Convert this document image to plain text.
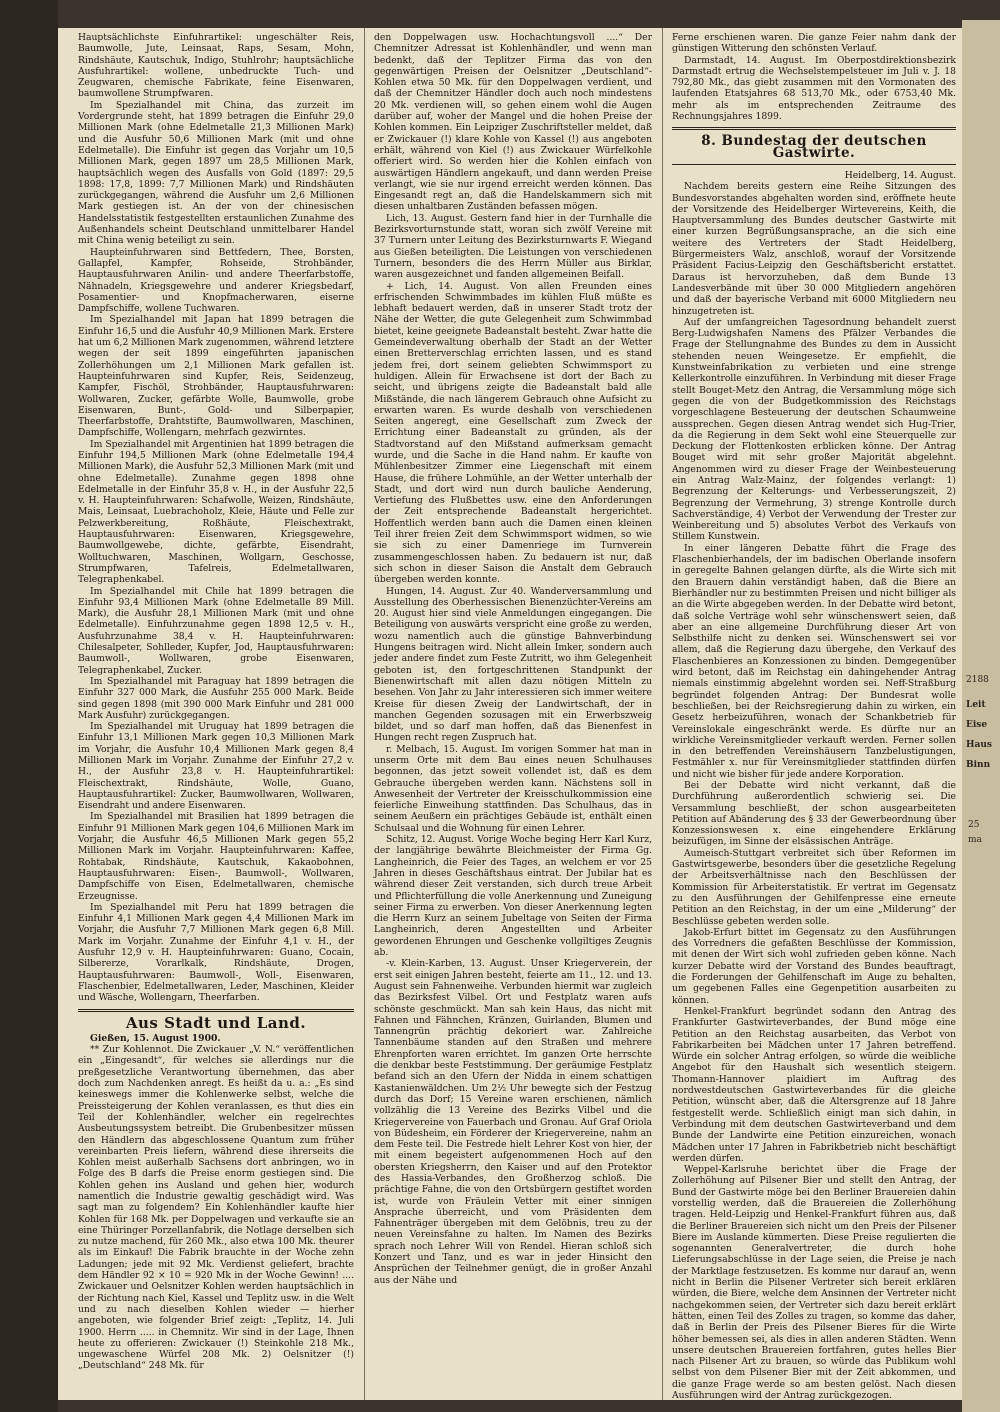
Hauptsächlichste Einfuhrartikel: ungeschälter Reis, Baumwolle, Jute, Leinsaat, Raps, Sesam, Mohn, Rindshäute, Kautschuk, Indigo, Stuhlrohr; hauptsächliche Ausfuhrartikel: wollene, unbedruckte Tuch- und Zeugwaren, chemische Fabrikate, feine Eisenwaren, baumwollene Strumpfwaren.

Im Spezialhandel mit China, das zurzeit im Vordergrunde steht, hat 1899 betragen die Einfuhr 29,0 Millionen Mark (ohne Edelmetalle 21,3 Millionen Mark) und die Ausfuhr 50,6 Millionen Mark (mit und ohne Edelmetalle). Die Einfuhr ist gegen das Vorjahr um 10,5 Millionen Mark, gegen 1897 um 28,5 Millionen Mark, hauptsächlich wegen des Ausfalls von Gold (1897: 29,5 1898: 17,8, 1899: 7,7 Millionen Mark) und Rindshäuten zurückgegangen, während die Ausfuhr um 2,6 Millionen Mark gestiegen ist. An der von der chinesischen Handelsstatistik festgestellten erstaunlichen Zunahme des Außenhandels scheint Deutschland unmittelbarer Handel mit China wenig beteiligt zu sein.

Haupteinfuhrwaren sind Bettfedern, Thee, Borsten, Gallapfel, Kampfer, Rohseide, Strohbänder, Hauptausfuhrwaren Anilin- und andere Theerfarbstoffe, Nähnadeln, Kriegsgewehre und anderer Kriegsbedarf, Posamentier- und Knopfmacherwaren, eiserne Dampfschiffe, wollene Tuchwaren.

Im Spezialhandel mit Japan hat 1899 betragen die Einfuhr 16,5 und die Ausfuhr 40,9 Millionen Mark. Erstere hat um 6,2 Millionen Mark zugenommen, während letztere wegen der seit 1899 eingeführten japanischen Zollerhöhungen um 2,1 Millionen Mark gefallen ist. Haupteinfuhrwaren sind Kupfer, Reis, Seidenzeug, Kampfer, Fischöl, Strohbänder, Hauptausfuhrwaren: Wollwaren, Zucker, gefärbte Wolle, Baumwolle, grobe Eisenwaren, Bunt-, Gold- und Silberpapier, Theerfarbstoffe, Drahtstifte, Baumwollwaren, Maschinen, Dampfschiffe, Wollengarn, mehrfach gezwirntes.

Im Spezialhandel mit Argentinien hat 1899 betragen die Einfuhr 194,5 Millionen Mark (ohne Edelmetalle 194,4 Millionen Mark), die Ausfuhr 52,3 Millionen Mark (mit und ohne Edelmetalle). Zunahme gegen 1898 ohne Edelmetalle in der Einfuhr 35,8 v. H., in der Ausfuhr 22,5 v. H. Haupteinfuhrwaren: Schafwolle, Weizen, Rindshäute, Mais, Leinsaat, Luebrachoholz, Kleie, Häute und Felle zur Pelzwerkbereitung, Roßhäute, Fleischextrakt, Hauptausfuhrwaren: Eisenwaren, Kriegsgewehre, Baumwollgewebe, dichte, gefärbte, Eisendraht, Wolltuchwaren, Maschinen, Wollgarn, Geschosse, Strumpfwaren, Tafelreis, Edelmetallwaren, Telegraphenkabel.

Im Spezialhandel mit Chile hat 1899 betragen die Einfuhr 93,4 Millionen Mark (ohne Edelmetalle 89 Mill. Mark), die Ausfuhr 28,1 Millionen Mark (mit und ohne Edelmetalle). Einfuhrzunahme gegen 1898 12,5 v. H., Ausfuhrzunahme 38,4 v. H. Haupteinfuhrwaren: Chilesalpeter, Sohlleder, Kupfer, Jod, Hauptausfuhrwaren: Baumwoll-, Wollwaren, grobe Eisenwaren, Telegraphenkabel, Zucker.

Im Spezialhandel mit Paraguay hat 1899 betragen die Einfuhr 327 000 Mark, die Ausfuhr 255 000 Mark. Beide sind gegen 1898 (mit 390 000 Mark Einfuhr und 281 000 Mark Ausfuhr) zurückgegangen.

Im Spezialhandel mit Uruguay hat 1899 betragen die Einfuhr 13,1 Millionen Mark gegen 10,3 Millionen Mark im Vorjahr, die Ausfuhr 10,4 Millionen Mark gegen 8,4 Millionen Mark im Vorjahr. Zunahme der Einfuhr 27,2 v. H., der Ausfuhr 23,8 v. H. Haupteinfuhrartikel: Fleischextrakt, Rindshäute, Wolle, Guano, Hauptausfuhrartikel: Zucker, Baumwollwaren, Wollwaren, Eisendraht und andere Eisenwaren.

Im Spezialhandel mit Brasilien hat 1899 betragen die Einfuhr 91 Millionen Mark gegen 104,6 Millionen Mark im Vorjahr, die Ausfuhr 46,5 Millionen Mark gegen 55,2 Millionen Mark im Vorjahr. Haupteinfuhrwaren: Kaffee, Rohtabak, Rindshäute, Kautschuk, Kakaobohnen, Hauptausfuhrwaren: Eisen-, Baumwoll-, Wollwaren, Dampfschiffe von Eisen, Edelmetallwaren, chemische Erzeugnisse.

Im Spezialhandel mit Peru hat 1899 betragen die Einfuhr 4,1 Millionen Mark gegen 4,4 Millionen Mark im Vorjahr, die Ausfuhr 7,7 Millionen Mark gegen 6,8 Mill. Mark im Vorjahr. Zunahme der Einfuhr 4,1 v. H., der Ausfuhr 12,9 v. H. Haupteinfuhrwaren: Guano, Cocain, Silbererze, Vorarlkalk, Rindshäute, Drogen, Hauptausfuhrwaren: Baumwoll-, Woll-, Eisenwaren, Flaschenbier, Edelmetallwaren, Leder, Maschinen, Kleider und Wäsche, Wollengarn, Theerfarben.

Aus Stadt und Land.

Gießen, 15. August 1900.

** Zur Kohlennot. Die Zwickauer „V. N.“ veröffentlichen ein „Eingesandt“, für welches sie allerdings nur die preßgesetzliche Verantwortung übernehmen, das aber doch zum Nachdenken anregt. Es heißt da u. a.: „Es sind keineswegs immer die Kohlenwerke selbst, welche die Preissteigerung der Kohlen veranlassen, es thut dies ein Teil der Kohlenhändler, welcher ein regelrechtes Ausbeutungssystem betreibt. Die Grubenbesitzer müssen den Händlern das abgeschlossene Quantum zum früher vereinbarten Preis liefern, während diese ihrerseits die Kohlen meist außerhalb Sachsens dort anbringen, wo in Folge des B darfs die Preise enorm gestiegen sind. Die Kohlen gehen ins Ausland und gehen hier, wodurch namentlich die Industrie gewaltig geschädigt wird. Was sagt man zu folgendem? Ein Kohlenhändler kaufte hier Kohlen für 168 Mk. per Doppelwagen und verkaufte sie an eine Thüringer Porzellanfabrik, die Notlage derselben sich zu nutze machend, für 260 Mk., also etwa 100 Mk. theurer als im Einkauf! Die Fabrik brauchte in der Woche zehn Ladungen; jede mit 92 Mk. Verdienst geliefert, brachte dem Händler 92 × 10 = 920 Mk in der Woche Gewinn! .... Zwickauer und Oelsnitzer Kohlen werden hauptsächlich in der Richtung nach Kiel, Kassel und Teplitz usw. in die Welt und zu nach dieselben Kohlen wieder — hierher angeboten, wie folgender Brief zeigt: „Teplitz, 14. Juli 1900. Herrn ..... in Chemnitz. Wir sind in der Lage, Ihnen heute zu offerieren: Zwickauer (!) Steinkohle 218 Mk., ungewaschene Würfel 208 Mk. 2) Oelsnitzer (!) „Deutschland“ 248 Mk. für

den Doppelwagen usw. Hochachtungsvoll ....“ Der Chemnitzer Adressat ist Kohlenhändler, und wenn man bedenkt, daß der Teplitzer Firma das von den gegenwärtigen Preisen der Oelsnitzer „Deutschland“-Kohlen etwa 50 Mk. für den Doppelwagen verdient, und daß der Chemnitzer Händler doch auch noch mindestens 20 Mk. verdienen will, so gehen einem wohl die Augen darüber auf, woher der Mangel und die hohen Preise der Kohlen kommen. Ein Leipziger Zuschriftsteller meldet, daß er Zwickauer (!) klare Kohle von Kassel (!) aus angeboten erhält, während von Kiel (!) aus Zwickauer Würfelkohle offeriert wird. So werden hier die Kohlen einfach von auswärtigen Händlern angekauft, und dann werden Preise verlangt, wie sie nur irgend erreicht werden können. Das Eingesandt regt an, daß die Handelskammern sich mit diesen unhaltbaren Zuständen befassen mögen.

Lich, 13. August. Gestern fand hier in der Turnhalle die Bezirksvorturnstunde statt, woran sich zwölf Vereine mit 37 Turnern unter Leitung des Bezirksturnwarts F. Wiegand aus Gießen beteiligten. Die Leistungen von verschiedenen Turnern, besonders die des Herrn Müller aus Birklar, waren ausgezeichnet und fanden allgemeinen Beifall.

+ Lich, 14. August. Von allen Freunden eines erfrischenden Schwimmbades im kühlen Fluß müßte es lebhaft bedauert werden, daß in unserer Stadt trotz der Nähe der Wetter, die gute Gelegenheit zum Schwimmbad bietet, keine geeignete Badeanstalt besteht. Zwar hatte die Gemeindeverwaltung oberhalb der Stadt an der Wetter einen Bretterverschlag errichten lassen, und es stand jedem frei, dort seinem geliebten Schwimmsport zu huldigen. Allein für Erwachsene ist dort der Bach zu seicht, und übrigens zeigte die Badeanstalt bald alle Mißstände, die nach längerem Gebrauch ohne Aufsicht zu erwarten waren. Es wurde deshalb von verschiedenen Seiten angeregt, eine Gesellschaft zum Zweck der Errichtung einer Badeanstalt zu gründen, als der Stadtvorstand auf den Mißstand aufmerksam gemacht wurde, und die Sache in die Hand nahm. Er kaufte von Mühlenbesitzer Zimmer eine Liegenschaft mit einem Hause, die frühere Lohmühle, an der Wetter unterhalb der Stadt, und dort wird nun durch bauliche Aenderung, Vertiefung des Flußbettes usw. eine den Anforderungen der Zeit entsprechende Badeanstalt hergerichtet. Hoffentlich werden bann auch die Damen einen kleinen Teil ihrer freien Zeit dem Schwimmsport widmen, so wie sie sich zu einer Damenriege im Turnverein zusammengeschlossen haben. Zu bedauern ist nur, daß sich schon in dieser Saison die Anstalt dem Gebrauch übergeben werden konnte.

Hungen, 14. August. Zur 40. Wanderversammlung und Ausstellung des Oberhessischen Bienenzüchter-Vereins am 20. August hier sind viele Anmeldungen eingegangen. Die Beteiligung von auswärts verspricht eine große zu werden, wozu namentlich auch die günstige Bahnverbindung Hungens beitragen wird. Nicht allein Imker, sondern auch jeder andere findet zum Feste Zutritt, wo ihm Gelegenheit geboten ist, den fortgeschrittenen Standpunkt der Bienenwirtschaft mit allen dazu nötigen Mitteln zu besehen. Von Jahr zu Jahr interessieren sich immer weitere Kreise für diesen Zweig der Landwirtschaft, der in manchen Gegenden sozusagen mit ein Erwerbszweig bildet, und so darf man hoffen, daß das Bienenfest in Hungen recht regen Zuspruch hat.

r. Melbach, 15. August. Im vorigen Sommer hat man in unserm Orte mit dem Bau eines neuen Schulhauses begonnen, das jetzt soweit vollendet ist, daß es dem Gebrauche übergeben werden kann. Nächstens soll in Anwesenheit der Vertreter der Kreisschulkommission eine feierliche Einweihung stattfinden. Das Schulhaus, das in seinem Aeußern ein prächtiges Gebäude ist, enthält einen Schulsaal und die Wohnung für einen Lehrer.

Schitz, 12. August. Vorige Woche beging Herr Karl Kurz, der langjährige bewährte Bleichmeister der Firma Gg. Langheinrich, die Feier des Tages, an welchem er vor 25 Jahren in dieses Geschäftshaus eintrat. Der Jubilar hat es während dieser Zeit verstanden, sich durch treue Arbeit und Pflichterfüllung die volle Anerkennung und Zuneigung seiner Firma zu erwerben. Von dieser Anerkennung legten die Herrn Kurz an seinem Jubeltage von Seiten der Firma Langheinrich, deren Angestellten und Arbeiter gewordenen Ehrungen und Geschenke vollgiltiges Zeugnis ab.

-v. Klein-Karben, 13. August. Unser Kriegerverein, der erst seit einigen Jahren besteht, feierte am 11., 12. und 13. August sein Fahnenweihe. Verbunden hiermit war zugleich das Bezirksfest Vilbel. Ort und Festplatz waren aufs schönste geschmückt. Man sah kein Haus, das nicht mit Fahnen und Fähnchen, Kränzen, Guirlanden, Blumen und Tannengrün prächtig dekoriert war. Zahlreiche Tannenbäume standen auf den Straßen und mehrere Ehrenpforten waren errichtet. Im ganzen Orte herrschte die denkbar beste Feststimmung. Der geräumige Festplatz befand sich an den Ufern der Nidda in einem schattigen Kastanienwäldchen. Um 2½ Uhr bewegte sich der Festzug durch das Dorf; 15 Vereine waren erschienen, nämlich vollzählig die 13 Vereine des Bezirks Vilbel und die Kriegervereine von Fauerbach und Gronau. Auf Graf Oriola von Büdesheim, ein Förderer der Kriegervereine, nahm an dem Feste teil. Die Festrede hielt Lehrer Kost von hier, der mit einem begeistert aufgenommenen Hoch auf den obersten Kriegsherrn, den Kaiser und auf den Protektor des Hassia-Verbandes, den Großherzog schloß. Die prächtige Fahne, die von den Ortsbürgern gestiftet worden ist, wurde von Fräulein Vetter mit einer sinnigen Ansprache überreicht, und vom Präsidenten dem Fahnenträger übergeben mit dem Gelöbnis, treu zu der neuen Vereinsfahne zu halten. Im Namen des Bezirks sprach noch Lehrer Will von Rendel. Hieran schloß sich Konzert und Tanz, und es war in jeder Hinsicht den Ansprüchen der Teilnehmer genügt, die in großer Anzahl aus der Nähe und

Ferne erschienen waren. Die ganze Feier nahm dank der günstigen Witterung den schönsten Verlauf.

Darmstadt, 14. August. Im Oberpostdirektionsbezirk Darmstadt ertrug die Wechselstempelsteuer im Juli v. J. 18 792,80 Mk., das giebt zusammen mit den Vormonaten des laufenden Etatsjahres 68 513,70 Mk., oder 6753,40 Mk. mehr als im entsprechenden Zeitraume des Rechnungsjahres 1899.

8. Bundestag der deutschen Gastwirte.

Heidelberg, 14. August.

Nachdem bereits gestern eine Reihe Sitzungen des Bundesvorstandes abgehalten worden sind, eröffnete heute der Vorsitzende des Heidelberger Wirtevereins, Keith, die Hauptversammlung des Bundes deutscher Gastwirte mit einer kurzen Begrüßungsansprache, an die sich eine weitere des Vertreters der Stadt Heidelberg, Bürgermeisters Walz, anschloß, worauf der Vorsitzende Präsident Facius-Leipzig den Geschäftsbericht erstattet. Daraus ist hervorzuheben, daß dem Bunde 13 Landesverbände mit über 30 000 Mitgliedern angehören und daß der bayerische Verband mit 6000 Mitgliedern neu hinzugetreten ist.

Auf der umfangreichen Tagesordnung behandelt zuerst Berg-Ludwigshafen Namens des Pfälzer Verbandes die Frage der Stellungnahme des Bundes zu dem in Aussicht stehenden neuen Weingesetze. Er empfiehlt, die Kunstweinfabrikation zu verbieten und eine strenge Kellerkontrolle einzuführen. In Verbindung mit dieser Frage stellt Bouget-Metz den Antrag, die Versammlung möge sich gegen die von der Budgetkommission des Reichstags vorgeschlagene Besteuerung der deutschen Schaumweine aussprechen. Gegen diesen Antrag wendet sich Hug-Trier, da die Regierung in dem Sekt wohl eine Steuerquelle zur Deckung der Flottenkosten erblicken könne. Der Antrag Bouget wird mit sehr großer Majorität abgelehnt. Angenommen wird zu dieser Frage der Weinbesteuerung ein Antrag Walz-Mainz, der folgendes verlangt: 1) Begrenzung der Kelterungs- und Verbesserungszeit, 2) Begrenzung der Vermehrung, 3) strenge Kontrolle durch Sachverständige, 4) Verbot der Verwendung der Trester zur Weinbereitung und 5) absolutes Verbot des Verkaufs von Stillem Kunstwein.

In einer längeren Debatte führt die Frage des Flaschenbierhandels, der im badischen Oberlande insofern in geregelte Bahnen gelangen dürfte, als die Wirte sich mit den Brauern dahin verständigt haben, daß die Biere an Bierhändler nur zu bestimmten Preisen und nicht billiger als an die Wirte abgegeben werden. In der Debatte wird betont, daß solche Verträge wohl sehr wünschenswert seien, daß aber an eine allgemeine Durchführung dieser Art von Selbsthilfe nicht zu denken sei. Wünschenswert sei vor allem, daß die Regierung dazu übergehe, den Verkauf des Flaschenbieres an Konzessionen zu binden. Demgegenüber wird betont, daß im Reichstag ein dahingehender Antrag niemals einstimmig abgelehnt worden sei. Neff-Straßburg begründet folgenden Antrag: Der Bundesrat wolle beschließen, bei der Reichsregierung dahin zu wirken, ein Gesetz herbeizuführen, wonach der Schankbetrieb für Vereinslokale eingeschränkt werde. Es dürfte nur an wirkliche Vereinsmitglieder verkauft werden. Ferner sollen in den betreffenden Vereinshäusern Tanzbelustigungen, Festmähler x. nur für Vereinsmitglieder stattfinden dürfen und nicht wie bisher für jede andere Korporation.

Bei der Debatte wird nicht verkannt, daß die Durchführung außerordentlich schwierig sei. Die Versammlung beschließt, der schon ausgearbeiteten Petition auf Abänderung des § 33 der Gewerbeordnung über Konzessionswesen x. eine eingehendere Erklärung beizufügen, im Sinne der elsässischen Anträge.

Aumeisch-Stuttgart verbreitet sich über Reformen im Gastwirtsgewerbe, besonders über die gesetzliche Regelung der Arbeitsverhältnisse nach den Beschlüssen der Kommission für Arbeiterstatistik. Er vertrat im Gegensatz zu den Ausführungen der Gehilfenpresse eine erneute Petition an den Reichstag, in der um eine „Milderung“ der Beschlüsse gebeten werden solle.

Jakob-Erfurt bittet im Gegensatz zu den Ausführungen des Vorredners die gefaßten Beschlüsse der Kommission, mit denen der Wirt sich wohl zufrieden geben könne. Nach kurzer Debatte wird der Vorstand des Bundes beauftragt, die Forderungen der Gehilfenschaft im Auge zu behalten, um gegebenen Falles eine Gegenpetition ausarbeiten zu können.

Henkel-Frankfurt begründet sodann den Antrag des Frankfurter Gastwirteverbandes, der Bund möge eine Petition an den Reichstag ausarbeiten, das Verbot von Fabrikarbeiten bei Mädchen unter 17 Jahren betreffend. Würde ein solcher Antrag erfolgen, so würde die weibliche Angebot für den Haushalt sich wesentlich steigern. Thomann-Hannover plaidiert im Auftrag des nordwestdeutschen Gastwirteverbandes für die gleiche Petition, wünscht aber, daß die Altersgrenze auf 18 Jahre festgestellt werde. Schließlich einigt man sich dahin, in Verbindung mit dem deutschen Gastwirteverband und dem Bunde der Landwirte eine Petition einzureichen, wonach Mädchen unter 17 Jahren in Fabrikbetrieb nicht beschäftigt werden dürfen.

Weppel-Karlsruhe berichtet über die Frage der Zollerhöhung auf Pilsener Bier und stellt den Antrag, der Bund der Gastwirte möge bei den Berliner Brauereien dahin vorstellig werden, daß die Brauereien die Zollerhöhung tragen. Held-Leipzig und Henkel-Frankfurt führen aus, daß die Berliner Brauereien sich nicht um den Preis der Pilsener Biere im Auslande kümmerten. Diese Preise regulierten die sogenannten Generalvertreter, die durch hohe Lieferungsabschlüsse in der Lage seien, die Preise je nach der Marktlage festzusetzen. Es komme nur darauf an, wenn nicht in Berlin die Pilsener Vertreter sich bereit erklären würden, die Biere, welche dem Ansinnen der Vertreter nicht nachgekommen seien, der Vertreter sich dazu bereit erklärt hätten, einen Teil des Zolles zu tragen, so komme das daher, daß in Berlin der Preis des Pilsener Bieres für die Wirte höher bemessen sei, als dies in allen anderen Städten. Wenn unsere deutschen Brauereien fortfahren, gutes helles Bier nach Pilsener Art zu brauen, so würde das Publikum wohl selbst von dem Pilsener Bier mit der Zeit abkommen, und die ganze Frage werde so am besten gelöst. Nach diesen Ausführungen wird der Antrag zurückgezogen.

Leit
Eise
Haus
Binn
2188
25
ma
